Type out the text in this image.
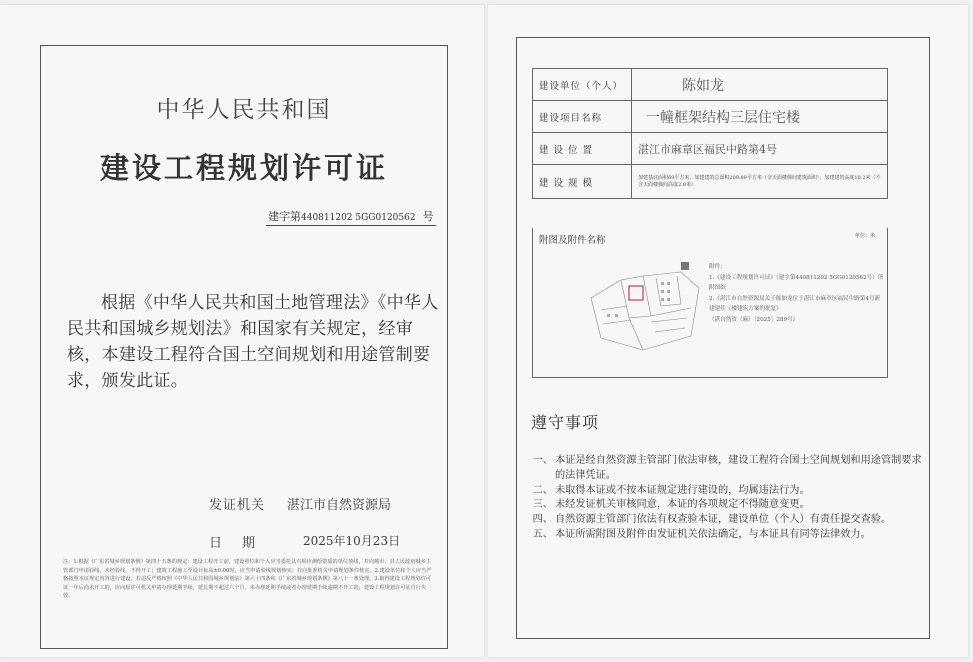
中华人民共和国
建设工程规划许可证
建字第440811202 5GG0120562 号
根据《中华人民共和国土地管理法》《中华人民共和国城乡规划法》和国家有关规定，经审核，本建设工程符合国土空间规划和用途管制要求，颁发此证。
发证机关 湛江市自然资源局
日期 2025年10月23日
注：1.根据《广东省城乡规划条例》第四十五条的规定：建设工程开工前，建设单位和个人应当委托具有相应测绘资质的单位放线，并向城市、县人民政府城乡主管部门申请验线，未经验线，不得开工；建筑工程施工至设计标高±0.00时，应当申请验线规划核实；并向批准机关申请规划条件核实。2.建设单位和个人应当严格按照本证规定内容进行建设，若违反严格按照《中华人民共和国城乡规划法》第六十四条和《广东省城乡规划条例》第八十一条处理。3.取得建设工程规划许可证一年后尚未开工的，应向原许可机关申请办理延期手续，延长期不超过六个月，未办理延期手续或者办理延期手续逾期不开工的，建设工程规划许可证自行失效。
建设单位（个人）	陈如龙
建设项目名称	一幢框架结构三层住宅楼
建 设 位 置	湛江市麻章区福民中路第4号
建 设 规 模	加建基底面积69平方米，加建建筑总面积209.89平方米（含天面楼梯间建筑面积），加建建筑高度10.2米（不含天面楼梯间高度2.8米）
附图及附件名称	单位：米
附件：
1.《建设工程规划许可证》（建字第440811202 5GG0120562号）所附图纸
2.《湛江市自然资源局关于陈如龙位于湛江市麻章区福民中路第4号新建建住《楼建筑方案的批复》
（湛自然资（麻）〔2025〕289号）
遵守事项
一、 本证是经自然资源主管部门依法审核，建设工程符合国土空间规划和用途管制要求的法律凭证。
二、 未取得本证或不按本证规定进行建设的，均属违法行为。
三、 未经发证机关审核同意，本证的各项规定不得随意变更。
四、 自然资源主管部门依法有权查验本证，建设单位（个人）有责任提交查验。
五、 本证所需附图及附件由发证机关依法确定，与本证具有同等法律效力。
